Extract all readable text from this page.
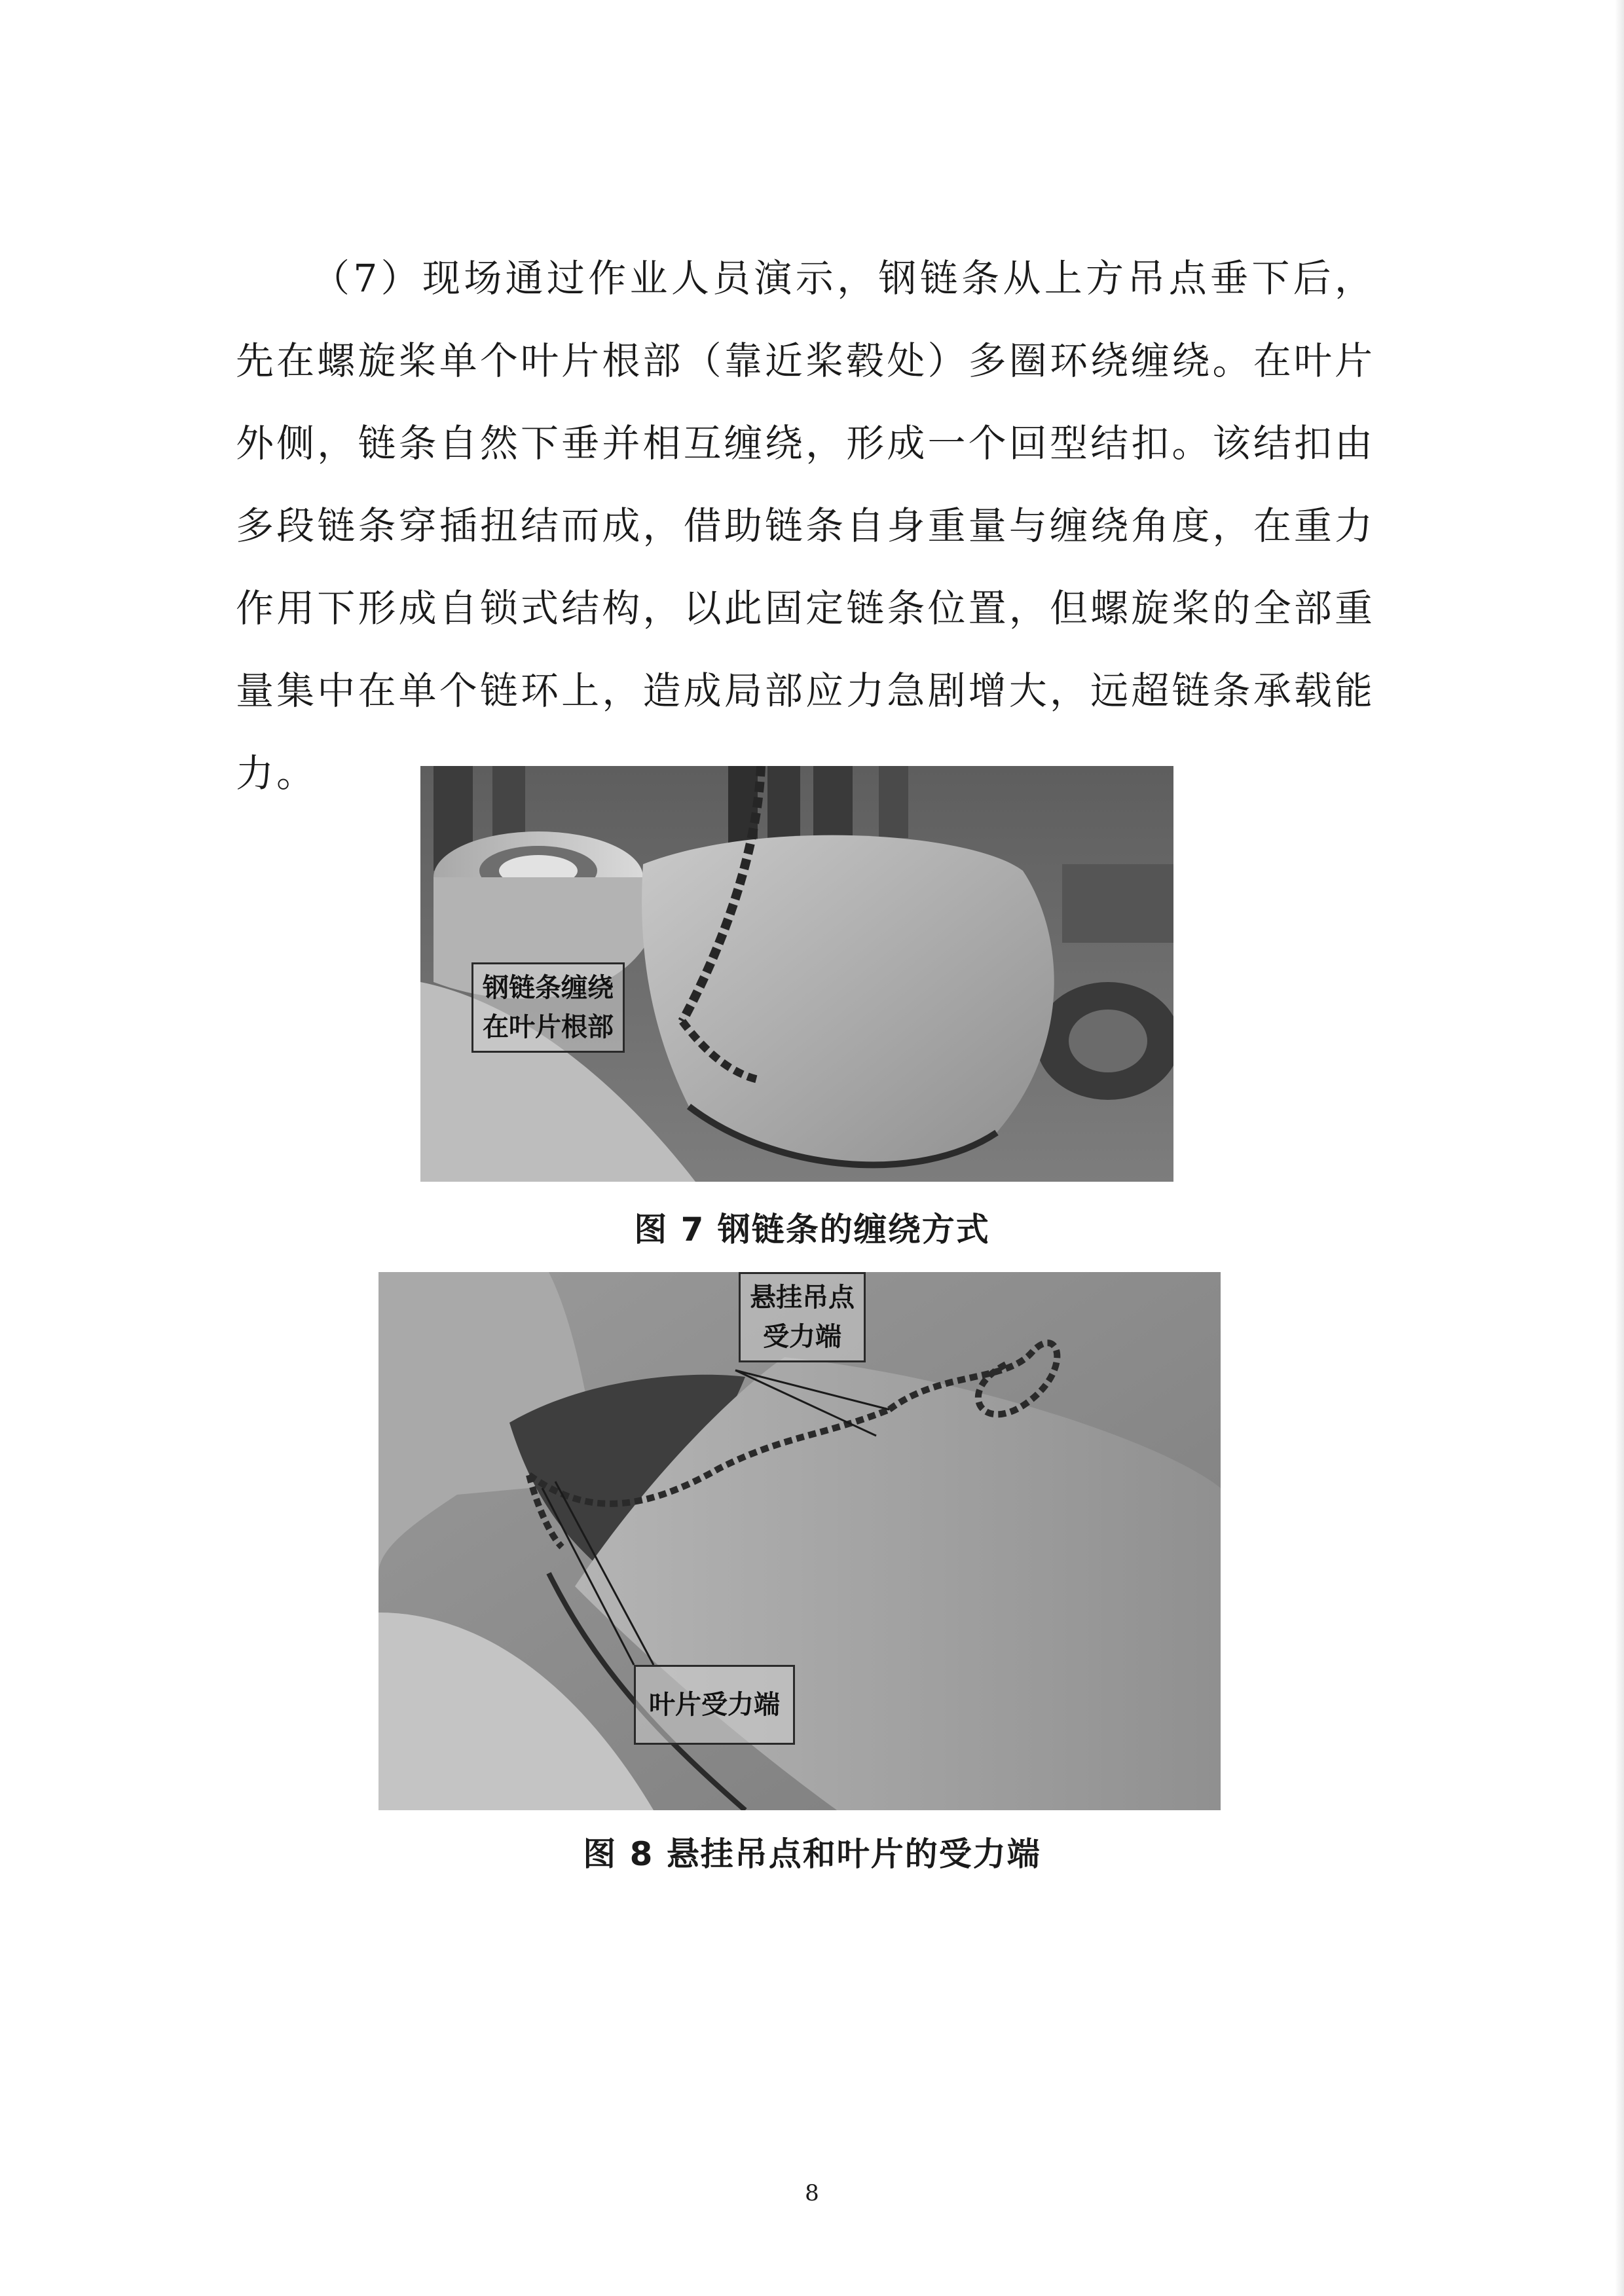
（7）现场通过作业人员演示，钢链条从上方吊点垂下后，先在螺旋桨单个叶片根部（靠近桨毂处）多圈环绕缠绕。在叶片外侧，链条自然下垂并相互缠绕，形成一个回型结扣。该结扣由多段链条穿插扭结而成，借助链条自身重量与缠绕角度，在重力作用下形成自锁式结构，以此固定链条位置，但螺旋桨的全部重量集中在单个链环上，造成局部应力急剧增大，远超链条承载能力。

钢链条缠绕
在叶片根部
图 7 钢链条的缠绕方式
悬挂吊点
受力端
叶片受力端
图 8 悬挂吊点和叶片的受力端
8
